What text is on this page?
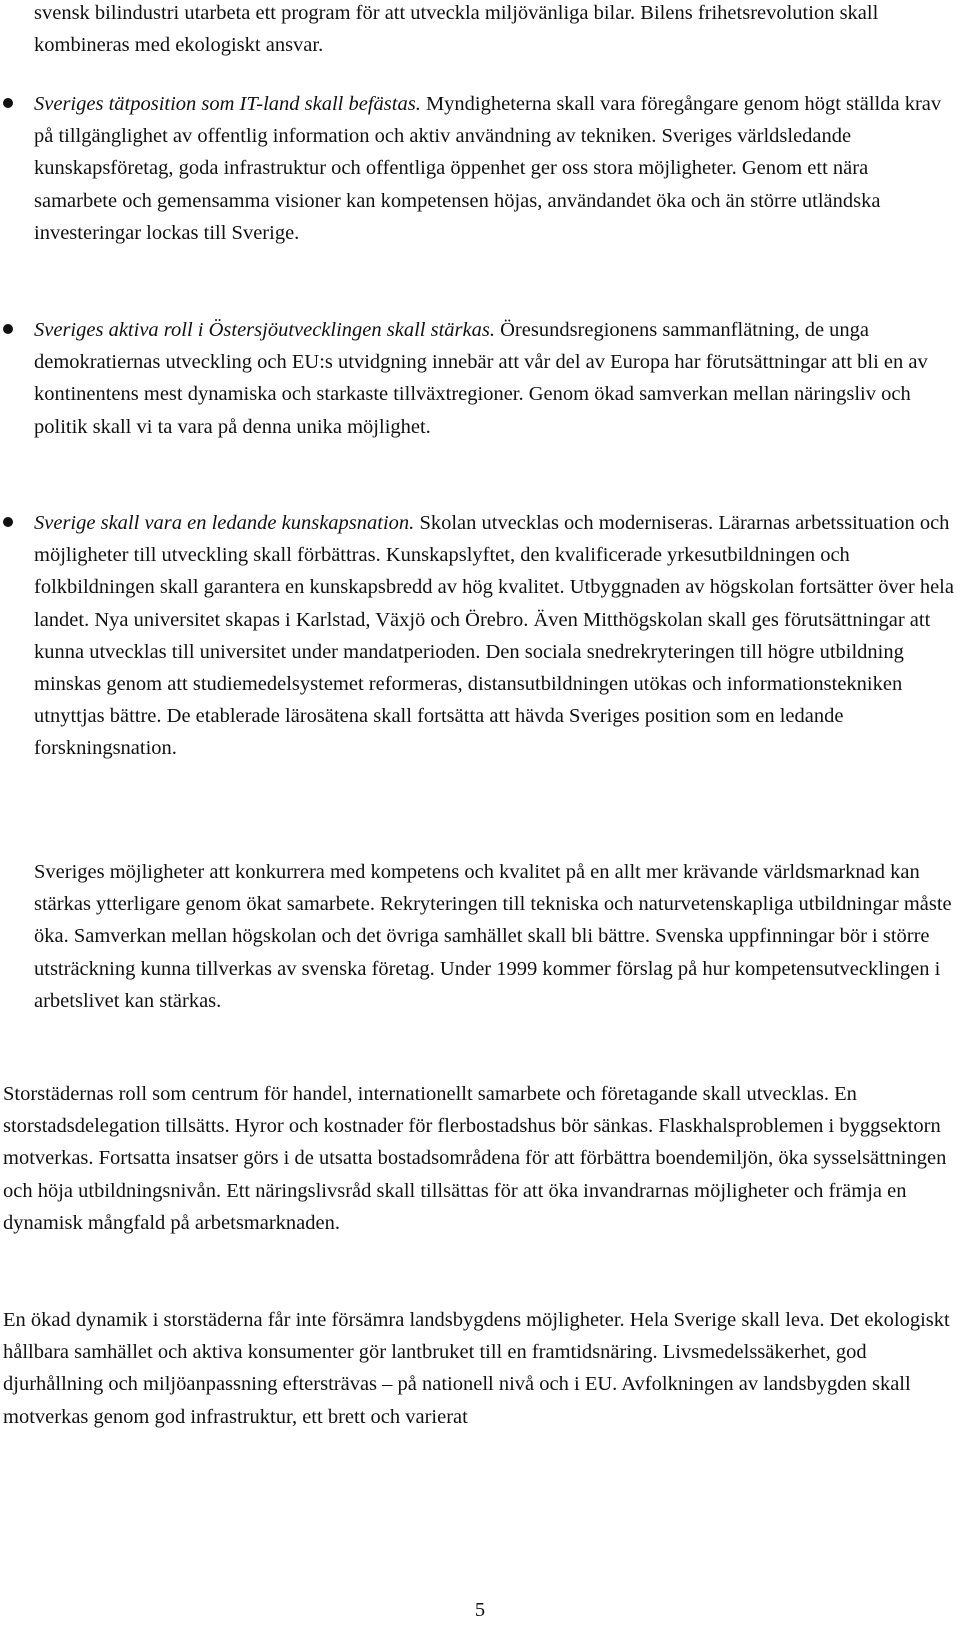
svensk bilindustri utarbeta ett program för att utveckla miljövänliga bilar. Bilens frihetsrevolution skall kombineras med ekologiskt ansvar.

Sveriges tätposition som IT-land skall befästas. Myndigheterna skall vara föregångare genom högt ställda krav på tillgänglighet av offentlig information och aktiv användning av tekniken. Sveriges världsledande kunskapsföretag, goda infrastruktur och offentliga öppenhet ger oss stora möjligheter. Genom ett nära samarbete och gemensamma visioner kan kompetensen höjas, användandet öka och än större utländska investeringar lockas till Sverige.

Sveriges aktiva roll i Östersjöutvecklingen skall stärkas. Öresundsregionens sammanflätning, de unga demokratiernas utveckling och EU:s utvidgning innebär att vår del av Europa har förutsättningar att bli en av kontinentens mest dynamiska och starkaste tillväxtregioner. Genom ökad samverkan mellan näringsliv och politik skall vi ta vara på denna unika möjlighet.

Sverige skall vara en ledande kunskapsnation. Skolan utvecklas och moderniseras. Lärarnas arbetssituation och möjligheter till utveckling skall förbättras. Kunskapslyftet, den kvalificerade yrkesutbildningen och folkbildningen skall garantera en kunskapsbredd av hög kvalitet. Utbyggnaden av högskolan fortsätter över hela landet. Nya universitet skapas i Karlstad, Växjö och Örebro. Även Mitthögskolan skall ges förutsättningar att kunna utvecklas till universitet under mandatperioden. Den sociala snedrekryteringen till högre utbildning minskas genom att studiemedelsystemet reformeras, distansutbildningen utökas och informationstekniken utnyttjas bättre. De etablerade lärosätena skall fortsätta att hävda Sveriges position som en ledande forskningsnation.

Sveriges möjligheter att konkurrera med kompetens och kvalitet på en allt mer krävande världsmarknad kan stärkas ytterligare genom ökat samarbete. Rekryteringen till tekniska och naturvetenskapliga utbildningar måste öka. Samverkan mellan högskolan och det övriga samhället skall bli bättre. Svenska uppfinningar bör i större utsträckning kunna tillverkas av svenska företag. Under 1999 kommer förslag på hur kompetensutvecklingen i arbetslivet kan stärkas.

Storstädernas roll som centrum för handel, internationellt samarbete och företagande skall utvecklas. En storstadsdelegation tillsätts. Hyror och kostnader för flerbostadshus bör sänkas. Flaskhalsproblemen i byggsektorn motverkas. Fortsatta insatser görs i de utsatta bostadsområdena för att förbättra boendemiljön, öka sysselsättningen och höja utbildningsnivån. Ett näringslivsråd skall tillsättas för att öka invandrarnas möjligheter och främja en dynamisk mångfald på arbetsmarknaden.

En ökad dynamik i storstäderna får inte försämra landsbygdens möjligheter. Hela Sverige skall leva. Det ekologiskt hållbara samhället och aktiva konsumenter gör lantbruket till en framtidsnäring. Livsmedelssäkerhet, god djurhållning och miljöanpassning eftersträvas – på nationell nivå och i EU. Avfolkningen av landsbygden skall motverkas genom god infrastruktur, ett brett och varierat

5
